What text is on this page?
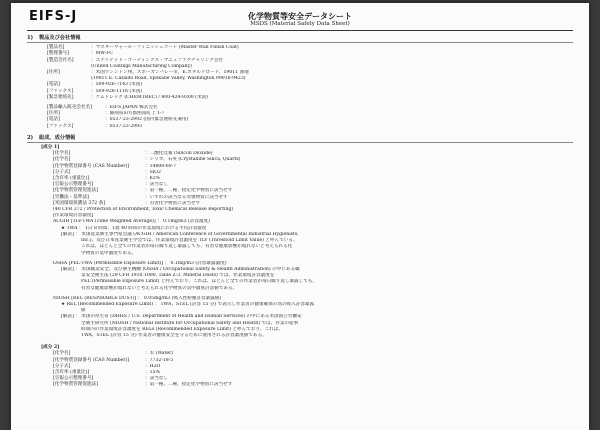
EIFS-J	化学物質等安全データシート
MSDS (Material Safety Data Sheet)
1) 製品及び会社情報
[製品名]	：マスターウォール・フィニッシュコート (Master Wall Finish Coat)
[整理番号]	：MW-FC
[製造会社名]	：ユナイテッド・コーティングス・マニュファクチャリング会社
(United Coatings Manufacturing Company)
[住所]	：米国ワシントン州、スポーカンバレー市、E.カタルドロード、19011 番地
(19011 E. Cataldo Road, Spokane Valley, Washington 99016-9423)
[電話]	：509-926-7143 (米国)
[ファックス]	：509-926-1116 (米国)
[緊急連絡先]	：ケムトレック (CHEMTREC) / 800-424-9300 (米国)
[製品輸入販売会社名]	：EIFS JAPAN 株式会社
[住所]	：静岡県田方郡函南町上 1-7
[電話]	：0537-23-2992 (国内緊急連絡先兼用)
[ファックス]	：0537-23-2993
2) 組成、成分情報
[成分 1]
[化学名]	：二酸化珪素 (Silicon Dioxide)
[化学名]	：シリカ、石英 (Crystalline Silica, Quartz)
[化学物質登録番号 (CAS Number)]	：14808-60-7
[分子式]	：SiO2
[含有率 (重量比)]	：62%
[官報公示整理番号]	：該当なし
[化学物質管理促進法]	：第一種、二種、指定化学物質に該当せず
[労働法・基準法]	：いずれの該当なる対象物質に該当せず
[米国環境保護法 372 条]	：有害化学物質に該当せず
(40 CFR 372 / Protection of Environment, Toxic Chemical Release Reporting)
[作業環境許容濃度]
ACGIH [TLV-TWA (Time Weighted Average)] ： 0.1mg/m3 (許容濃度)
★ TWA ： 1日 8 時間、1週 40 時間の作業環境における平均許容濃度
[解説] ： 米国産業衛生専門家会議 (ACGIH / American Conference of Governmental Industrial Hygienists,
Inc.)。及び日本産業衛生学会では、作業環境許容濃度を TLV (Threshold Limit Value) と呼んでいる。
これは、ほとんど全ての作業者が毎日繰り返し暴露しても、有害な健康影響が現れないと考えられる化
学物質の気中濃度である。
OSHA [PEL-TWA (Permissible Exposure Limit)] ： 0.1mg/m3 (許容暴露濃度)
[解説] ： 米国職業安全、及び衛生機構 (OSHA / Occupational Safety & Health Administration) の中にある職
業安全衛生法 (29 CFR 1910.1000. Table Z-3, Mineral Dusts) では、作業環境許容濃度を
PEL (Permissible Exposure Limit) と呼んでおり、これは、ほとんど全ての作業者が毎日繰り返し暴露しても、
有害な健康影響が現れないと考えられる化学物質の気中濃度許容値である。
NIOSH [REL (RESPIRABLE DUST)] ： 0.05mg/m3 (吸入性粉塵許容暴露値)
★ REL (Recommended Exposure Limit) ： TWA、STEL (許容 15 分) で表示し作業者の健康確保の為の吸入許容暴露
値
[解説] ： 米国の厚生省 (DHHS / U.S. Department of Health and Human Services) の中にある米国国立労働安
全衛生研究所 (NIOSH / National Institute for Occupational Safety and Health) では、作業の従事
時間内の作業環境許容濃度を RELs (Recommended Exposure Limit) と呼んでおり、これは、
TWA、STEL (許容 15 分) 作業者の健康安全を守るために使用される許容濃度値である。
[成分 2]
[化学名]	：水 (Water)
[化学物質登録番号 (CAS Number)]	：7732-18-5
[分子式]	：H2O
[含有率 (重量比)]	：15%
[官報公示整理番号]	：該当なし
[化学物質管理促進法]	：第一種、二種、指定化学物質に該当せず
